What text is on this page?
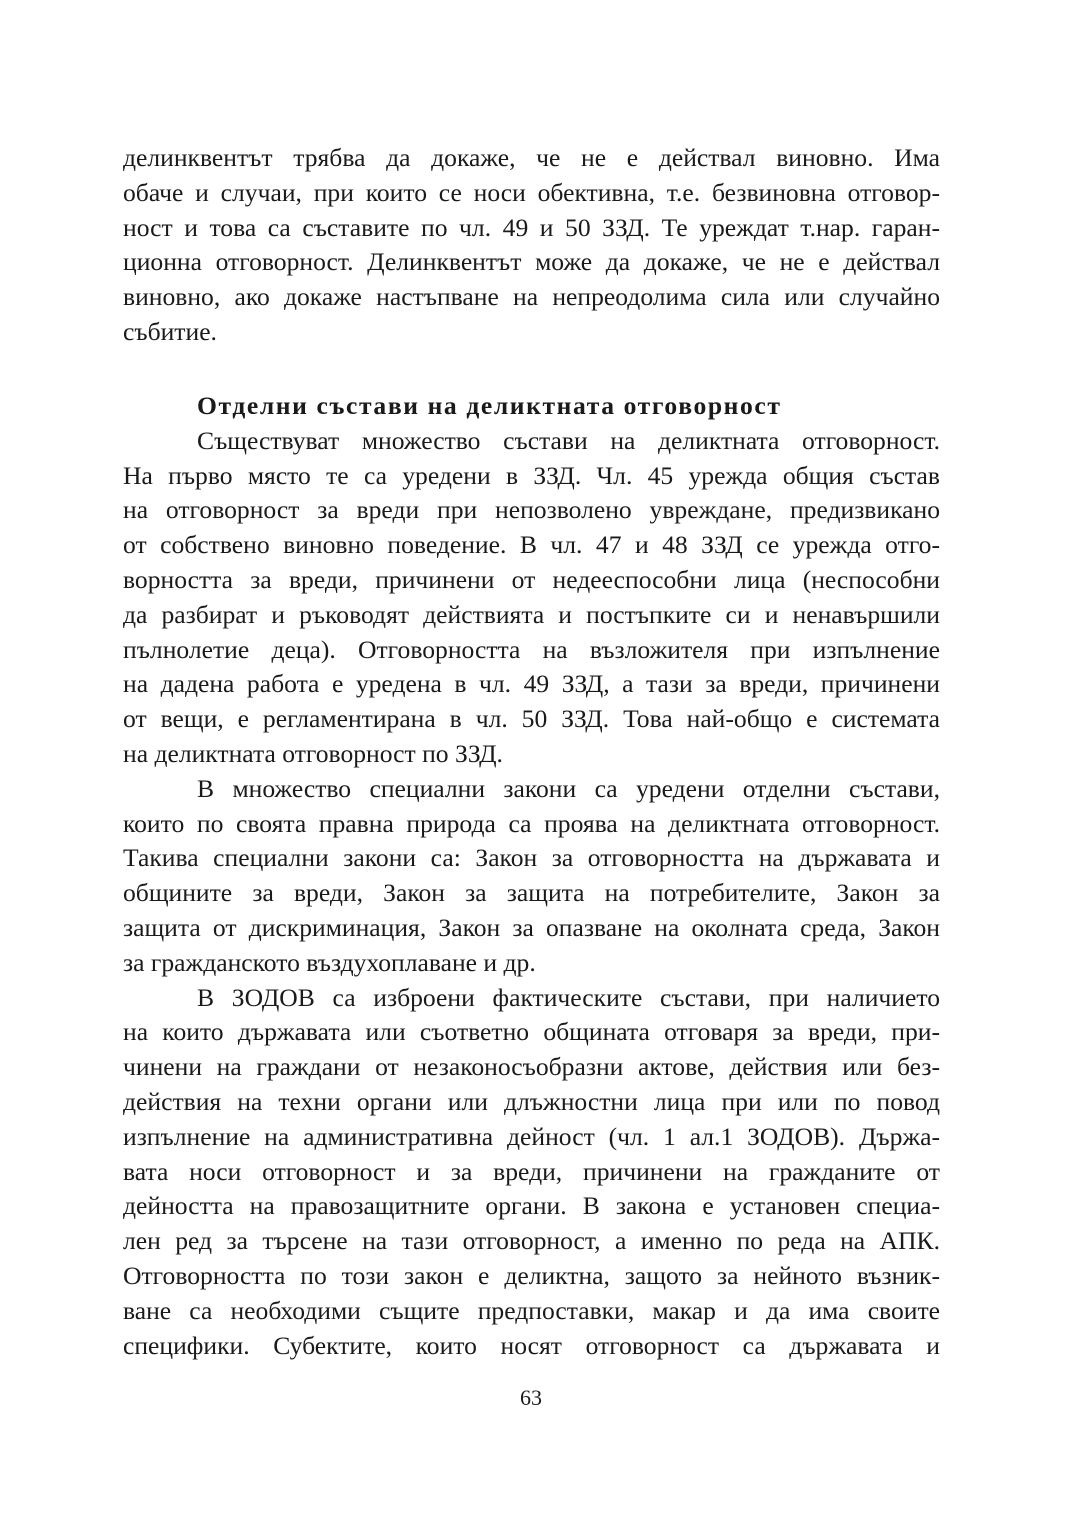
делинквентът трябва да докаже, че не е действал виновно. Има
обаче и случаи, при които се носи обективна, т.е. безвиновна отговор-
ност и това са съставите по чл. 49 и 50 ЗЗД. Те уреждат т.нар. гаран-
ционна отговорност. Делинквентът може да докаже, че не е действал
виновно, ако докаже настъпване на непреодолима сила или случайно
събитие.
Отделни състави на деликтната отговорност
Съществуват множество състави на деликтната отговорност.
На първо място те са уредени в ЗЗД. Чл. 45 урежда общия състав
на отговорност за вреди при непозволено увреждане, предизвикано
от собствено виновно поведение. В чл. 47 и 48 ЗЗД се урежда отго-
ворността за вреди, причинени от недееспособни лица (неспособни
да разбират и ръководят действията и постъпките си и ненавършили
пълнолетие деца). Отговорността на възложителя при изпълнение
на дадена работа е уредена в чл. 49 ЗЗД, а тази за вреди, причинени
от вещи, е регламентирана в чл. 50 ЗЗД. Това най-общо е системата
на деликтната отговорност по ЗЗД.
В множество специални закони са уредени отделни състави,
които по своята правна природа са проява на деликтната отговорност.
Такива специални закони са: Закон за отговорността на държавата и
общините за вреди, Закон за защита на потребителите, Закон за
защита от дискриминация, Закон за опазване на околната среда, Закон
за гражданското въздухоплаване и др.
В ЗОДОВ са изброени фактическите състави, при наличието
на които държавата или съответно общината отговаря за вреди, при-
чинени на граждани от незаконосъобразни актове, действия или без-
действия на техни органи или длъжностни лица при или по повод
изпълнение на административна дейност (чл. 1 ал.1 ЗОДОВ). Държа-
вата носи отговорност и за вреди, причинени на гражданите от
дейността на правозащитните органи. В закона е установен специа-
лен ред за търсене на тази отговорност, а именно по реда на АПК.
Отговорността по този закон е деликтна, защото за нейното възник-
ване са необходими същите предпоставки, макар и да има своите
специфики. Субектите, които носят отговорност са държавата и
63
